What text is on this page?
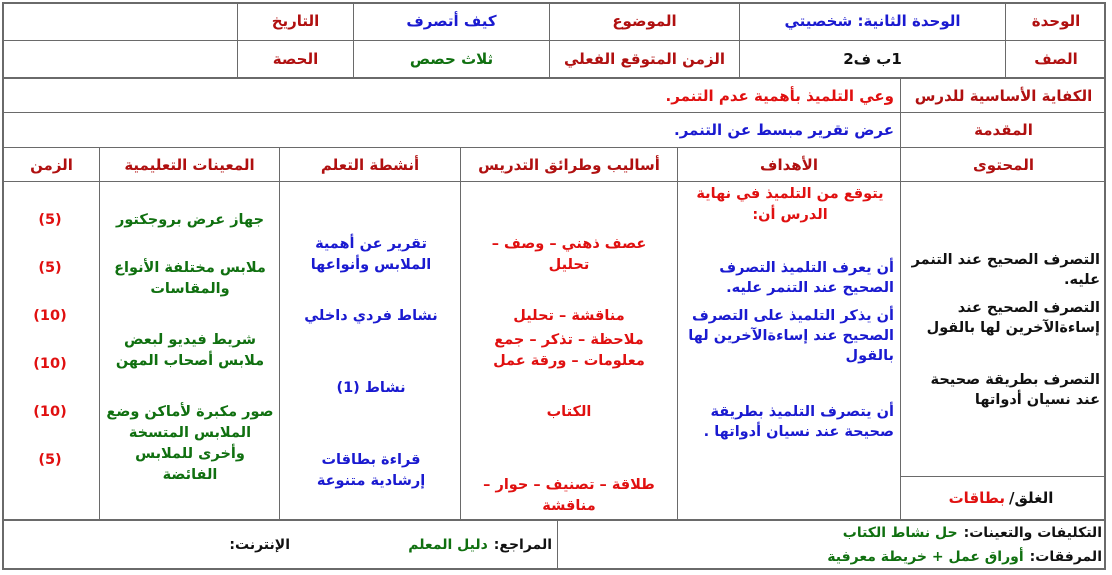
الوحدة
الوحدة الثانية: شخصيتي
الموضوع
كيف أتصرف
التاريخ
الصف
1ب ف2
الزمن المتوقع الفعلي
ثلاث حصص
الحصة
الكفاية الأساسية للدرس
وعي التلميذ بأهمية عدم التنمر.
المقدمة
عرض تقرير مبسط عن التنمر.
المحتوى
الأهداف
أساليب وطرائق التدريس
أنشطة التعلم
المعينات التعليمية
الزمن
التصرف الصحيح عند التنمر عليه.
التصرف الصحيح عند إساءةالآخرين لها بالقول
التصرف بطريقة صحيحة عند نسيان أدواتها
يتوقع من التلميذ في نهاية الدرس أن:
أن يعرف التلميذ التصرف الصحيح عند التنمر عليه.
أن يذكر التلميذ على التصرف الصحيح عند إساءةالآخرين لها بالقول
أن يتصرف التلميذ بطريقة صحيحة عند نسيان أدواتها .
عصف ذهني – وصف – تحليل
مناقشة – تحليل
ملاحظة – تذكر – جمع معلومات – ورقة عمل
الكتاب
طلاقة – تصنيف – حوار – مناقشة
تقرير عن أهمية الملابس وأنواعها
نشاط فردي داخلي
نشاط (1)
قراءة بطاقات إرشادية متنوعة
جهاز عرض بروجكتور
ملابس مختلفة الأنواع والمقاسات
شريط فيديو لبعض ملابس أصحاب المهن
صور مكبرة لأماكن وضع الملابس المتسخة وأخرى للملابس الفائضة
(5)
(5)
(10)
(10)
(10)
(5)
الغلق/
بطاقات
التكليفات والتعينات:
حل نشاط الكتاب
المرفقات:
أوراق عمل + خريطة معرفية
المراجع:
دليل المعلم
الإنترنت:
